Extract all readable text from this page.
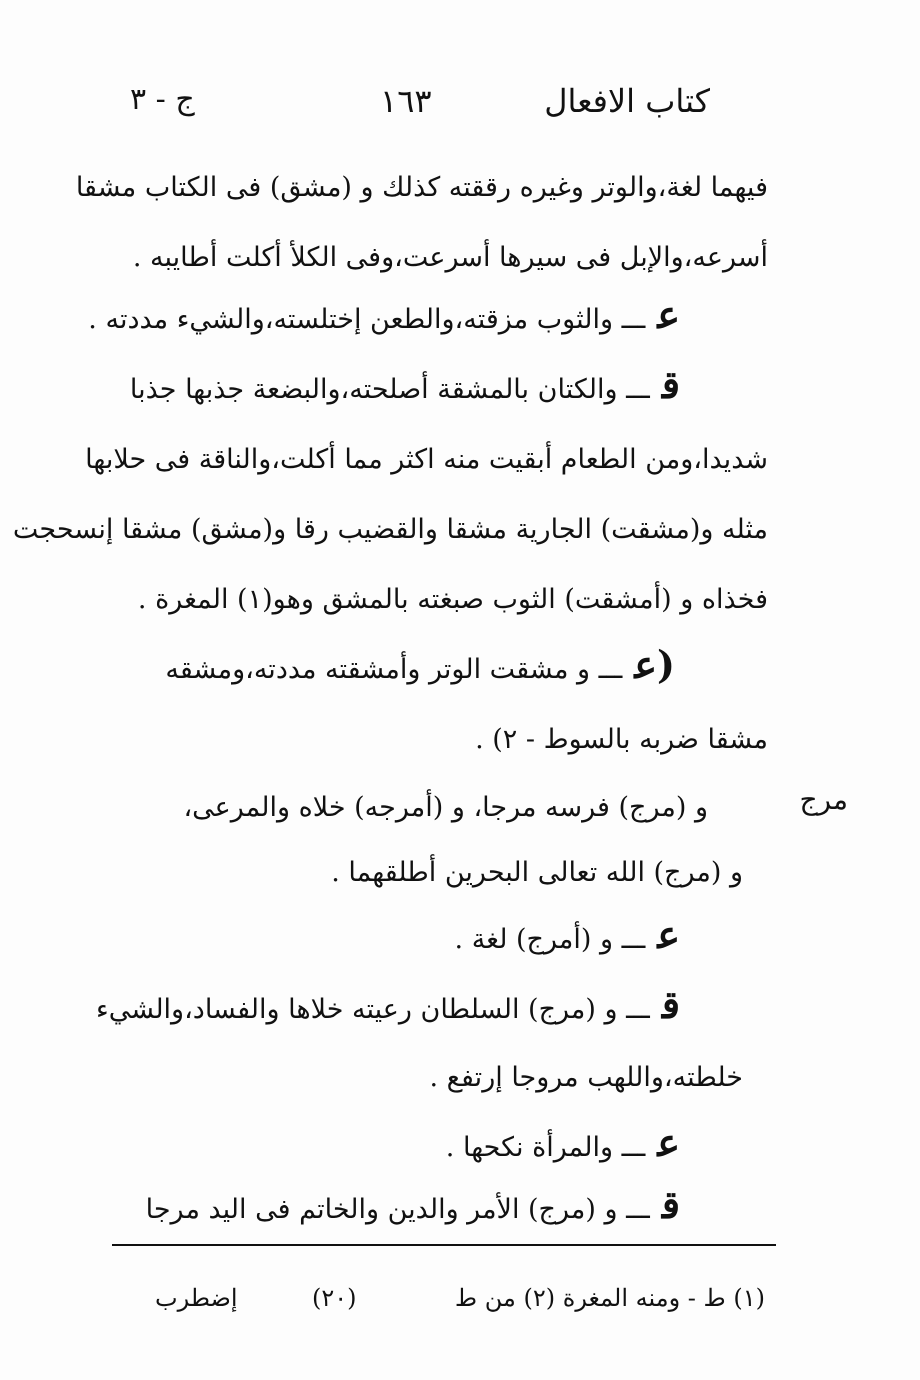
كتاب الافعال
١٦٣
ج - ٣
فيهما لغة،والوتر وغيره رققته كذلك و (مشق) فى الكتاب مشقا
أسرعه،والإبل فى سيرها أسرعت،وفى الكلأ أكلت أطايبه .
عـــ والثوب مزقته،والطعن إختلسته،والشيء مددته .
قـــ والكتان بالمشقة أصلحته،والبضعة جذبها جذبا
شديدا،ومن الطعام أبقيت منه اكثر مما أكلت،والناقة فى حلابها
مثله و(مشقت) الجارية مشقا والقضيب رقا و(مشق) مشقا إنسحجت
فخذاه و (أمشقت) الثوب صبغته بالمشق وهو(١) المغرة .
(عـــ و مشقت الوتر وأمشقته مددته،ومشقه
مشقا ضربه بالسوط - ٢) .
مرج
و (مرج) فرسه مرجا، و (أمرجه) خلاه والمرعى،
و (مرج) الله تعالى البحرين أطلقهما .
عـــ و (أمرج) لغة .
قـــ و (مرج) السلطان رعيته خلاها والفساد،والشيء
خلطته،واللهب مروجا إرتفع .
عـــ والمرأة نكحها .
قـــ و (مرج) الأمر والدين والخاتم فى اليد مرجا
(١) ط - ومنه المغرة (٢) من ط
(٢٠)
إضطرب
